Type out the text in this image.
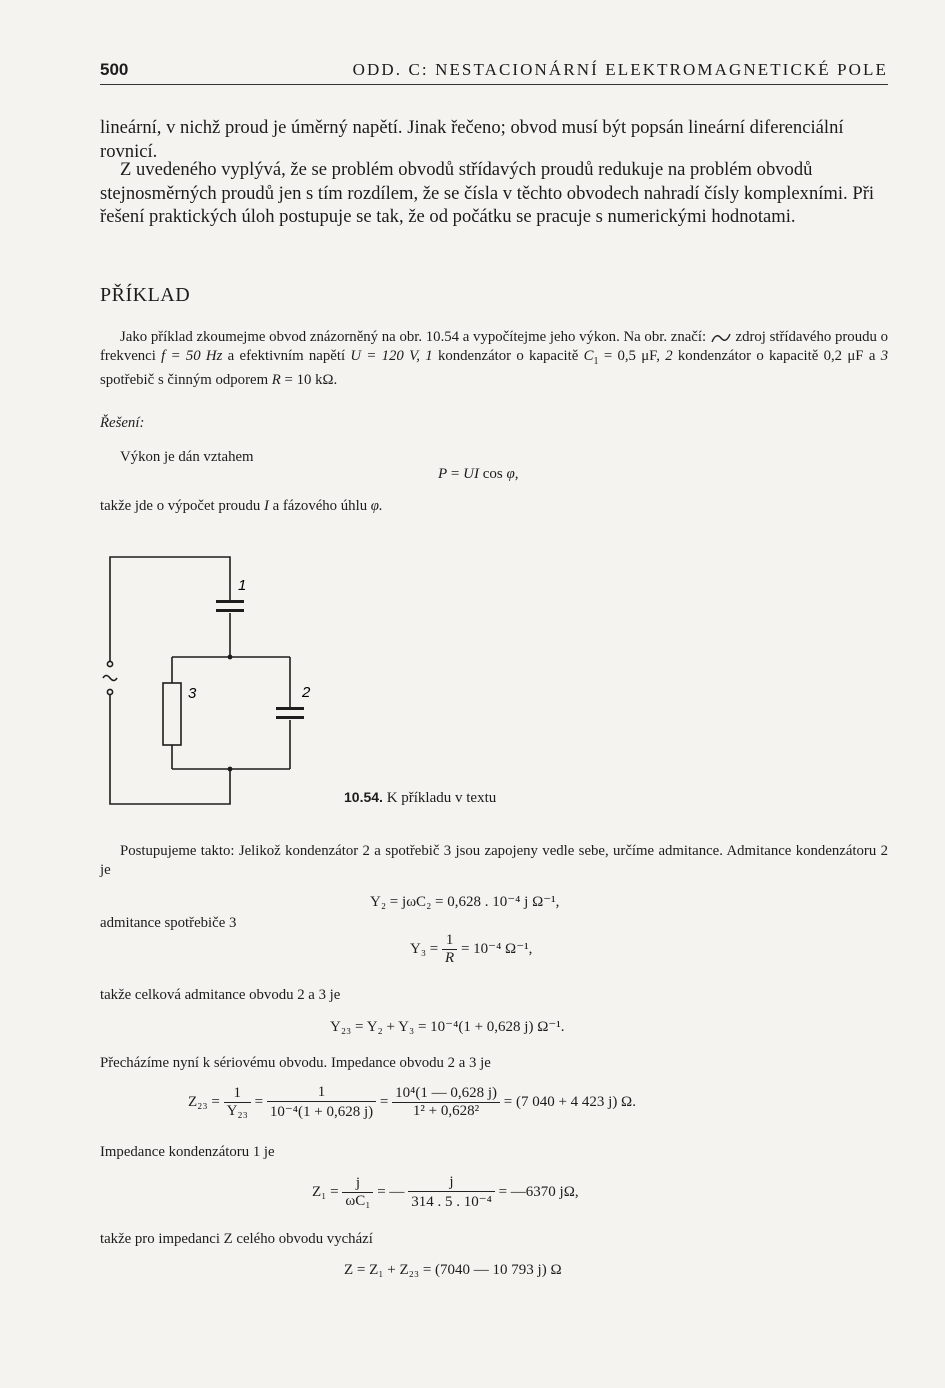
500	ODD. C: NESTACIONÁRNÍ ELEKTROMAGNETICKÉ POLE

lineární, v nichž proud je úměrný napětí. Jinak řečeno; obvod musí být popsán lineární diferenciální rovnicí.

Z uvedeného vyplývá, že se problém obvodů střídavých proudů redukuje na problém obvodů stejnosměrných proudů jen s tím rozdílem, že se čísla v těchto obvodech nahradí čísly komplexními. Při řešení praktických úloh postupuje se tak, že od počátku se pracuje s numerickými hodnotami.

PŘÍKLAD

Jako příklad zkoumejme obvod znázorněný na obr. 10.54 a vypočítejme jeho výkon. Na obr. značí: zdroj střídavého proudu o frekvenci f = 50 Hz a efektivním napětí U = 120 V, 1 kondenzátor o kapacitě $C_1 = 0,5$ μF, 2 kondenzátor o kapacitě 0,2 μF a 3 spotřebič s činným odporem R = 10 kΩ.

Řešení:

Výkon je dán vztahem

P = UI cos φ,

takže jde o výpočet proudu I a fázového úhlu φ.

1
2
3
10.54. K příkladu v textu

Postupujeme takto: Jelikož kondenzátor 2 a spotřebič 3 jsou zapojeny vedle sebe, určíme admitance. Admitance kondenzátoru 2 je

Y₂ = jωC₂ = 0,628 . 10⁻⁴ j Ω⁻¹,

admitance spotřebiče 3

$Y_3 = \frac{1}{R} = 10^{-4}$ Ω⁻¹,

takže celková admitance obvodu 2 a 3 je

Y₂₃ = Y₂ + Y₃ = 10⁻⁴(1 + 0,628 j) Ω⁻¹.

Přecházíme nyní k sériovému obvodu. Impedance obvodu 2 a 3 je

$Z_{23} = \frac{1}{\text{Y₂₃}} = \frac{1}{\text{10⁻⁴(1 + 0,628 j)}} = \frac{\text{10⁴(1 — 0,628 j)}}{\text{1² + 0,628²}} = (7$ 040 + 4 423 j) Ω.

Impedance kondenzátoru 1 je

$Z_1 = \frac{j}{\text{ωC₁}}$ = — $\frac{j}{\text{314 . 5 . 10⁻⁴}}$ = —6370 jΩ,

takže pro impedanci Z celého obvodu vychází

Z = Z₁ + Z₂₃ = (7040 — 10 793 j) Ω
